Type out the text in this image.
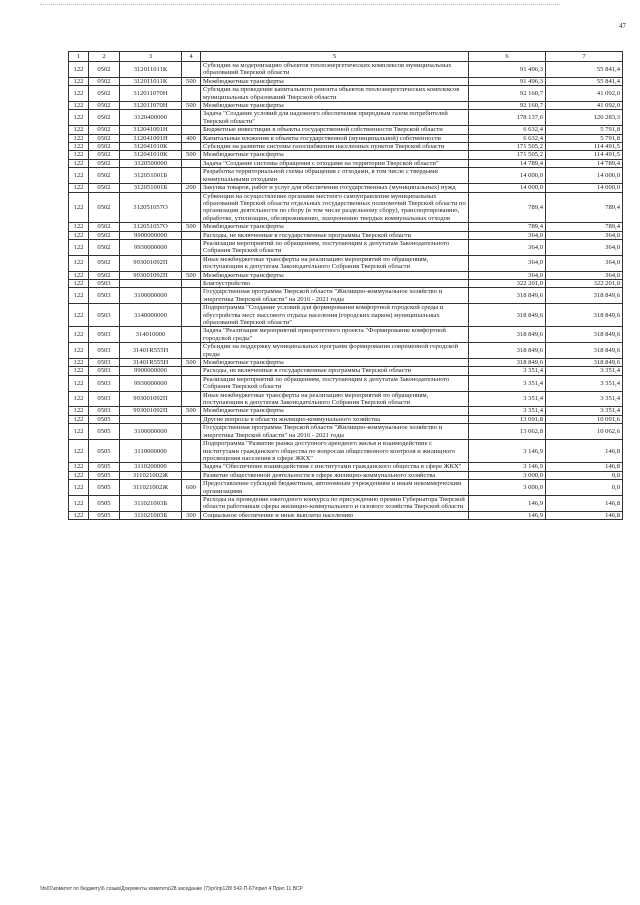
47
1	2	3	4	5	6	7
122	0502	312011011К		Субсидии на модернизацию объектов теплоэнергетических комплексов муниципальных образований Тверской области	91 496,3	55 841,4
122	0502	312011011К	500	Межбюджетные трансферты	91 496,3	55 841,4
122	0502	312011070Н		Субсидии на проведение капитального ремонта объектов теплоэнергетических комплексов муниципальных образований Тверской области	92 160,7	41 092,0
122	0502	312011070Н	500	Межбюджетные трансферты	92 160,7	41 092,0
122	0502	3120400000		Задача "Создание условий для надежного обеспечения природным газом потребителей Тверской области"	178 137,6	120 283,3
122	0502	312041001Н		Бюджетные инвестиции в объекты государственной собственности Тверской области	6 632,4	5 791,8
122	0502	312041001Н	400	Капитальные вложения в объекты государственной (муниципальной) собственности	6 632,4	5 791,8
122	0502	312041010К		Субсидии на развитие системы газоснабжения населенных пунктов Тверской области	171 505,2	114 491,5
122	0502	312041010К	500	Межбюджетные трансферты	171 505,2	114 491,5
122	0502	3120500000		Задача "Создание системы обращения с отходами на территории Тверской области"	14 789,4	14 789,4
122	0502	312051001Б		Разработка территориальной схемы обращения с отходами, в том числе с твердыми коммунальными отходами	14 000,0	14 000,0
122	0502	312051001Б	200	Закупка товаров, работ и услуг для обеспечения государственных (муниципальных) нужд	14 000,0	14 000,0
122	0502	312051057О		Субвенции на осуществление органами местного самоуправления муниципальных образований Тверской области отдельных государственных полномочий Тверской области по организации деятельности по сбору (в том числе раздельному сбору), транспортированию, обработке, утилизации, обезвреживанию, захоронению твердых коммунальных отходов	789,4	789,4
122	0502	312051057О	500	Межбюджетные трансферты	789,4	789,4
122	0502	9900000000		Расходы, не включенные в государственные программы Тверской области	364,0	364,0
122	0502	9930000000		Реализация мероприятий по обращениям, поступающим к депутатам Законодательного Собрания Тверской области	364,0	364,0
122	0502	993001092П		Иные межбюджетные трансферты на реализацию мероприятий по обращениям, поступающим к депутатам Законодательного Собрания Тверской области	364,0	364,0
122	0502	993001092П	500	Межбюджетные трансферты	364,0	364,0
122	0503			Благоустройство	322 201,0	322 201,0
122	0503	3100000000		Государственная программа Тверской области "Жилищно-коммунальное хозяйство и энергетика Тверской области" на 2016 - 2021 годы	318 849,6	318 849,6
122	0503	3140000000		Подпрограмма "Создание условий для формирования комфортной городской среды и обустройства мест массового отдыха населения (городских парков) муниципальных образований Тверской области"	318 849,6	318 849,6
122	0503	314010000		Задача "Реализация мероприятий приоритетного проекта "Формирование комфортной городской среды"	318 849,6	318 849,6
122	0503	31401R555Н		Субсидии на поддержку муниципальных программ формирования современной городской среды	318 849,6	318 849,6
122	0503	31401R555Н	500	Межбюджетные трансферты	318 849,6	318 849,6
122	0503	9900000000		Расходы, не включенные в государственные программы Тверской области	3 351,4	3 351,4
122	0503	9930000000		Реализация мероприятий по обращениям, поступающим к депутатам Законодательного Собрания Тверской области	3 351,4	3 351,4
122	0503	993001092П		Иные межбюджетные трансферты на реализацию мероприятий по обращениям, поступающим к депутатам Законодательного Собрания Тверской области	3 351,4	3 351,4
122	0503	993001092П	500	Межбюджетные трансферты	3 351,4	3 351,4
122	0505			Другие вопросы в области жилищно-коммунального хозяйства	13 091,8	10 091,6
122	0505	3100000000		Государственная программа Тверской области "Жилищно-коммунальное хозяйство и энергетика Тверской области" на 2016 - 2021 годы	13 062,8	10 062,6
122	0505	3110000000		Подпрограмма "Развитие рынка доступного арендного жилья и взаимодействие с институтами гражданского общества по вопросам общественного контроля и жилищного просвещения населения в сфере ЖКХ"	3 146,9	146,8
122	0505	3110200000		Задача "Обеспечение взаимодействия с институтами гражданского общества в сфере ЖКХ"	3 146,9	146,8
122	0505	311021002Ж		Развитие общественной деятельности в сфере жилищно-коммунального хозяйства	3 000,0	0,0
122	0505	311021002Ж	600	Предоставление субсидий бюджетным, автономным учреждениям и иным некоммерческим организациям	3 000,0	0,0
122	0505	311021003Б		Расходы на проведение ежегодного конкурса по присуждению премии Губернатора Тверской области работникам сферы жилищно-коммунального и газового хозяйства Тверской области	146,9	146,8
122	0505	311021003Б	300	Социальное обеспечение и иные выплаты населению	146,9	146,8
\\fs01\комитет по бюджету\6 созыв\Документы комитета\28 заседание (7)\рг\пр128\ 542-П-67\прил 4 Прил 11 ВСР
